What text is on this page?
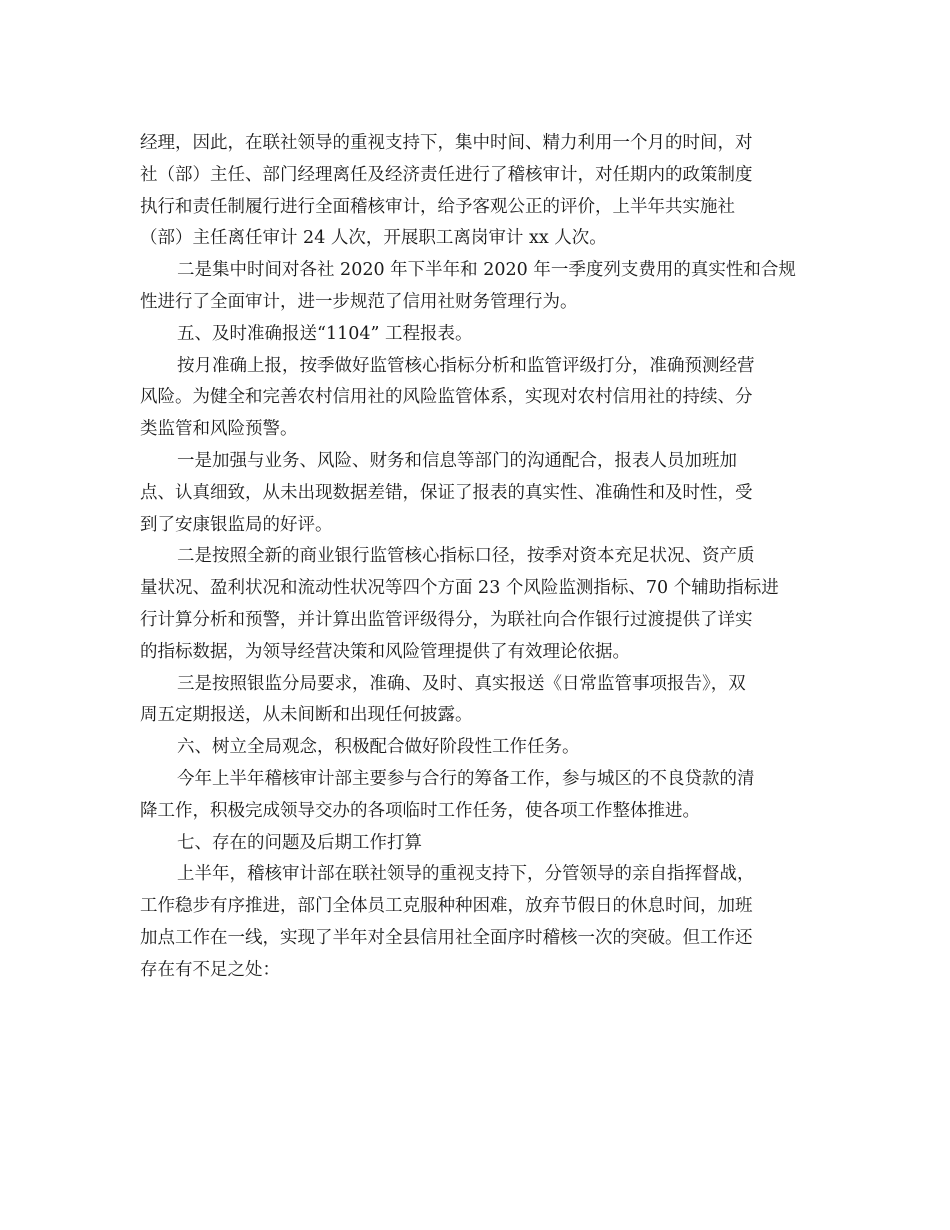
经理，因此，在联社领导的重视支持下，集中时间、精力利用一个月的时间，对
社（部）主任、部门经理离任及经济责任进行了稽核审计，对任期内的政策制度
执行和责任制履行进行全面稽核审计，给予客观公正的评价，上半年共实施社
（部）主任离任审计 24 人次，开展职工离岗审计 xx 人次。
二是集中时间对各社 2020 年下半年和 2020 年一季度列支费用的真实性和合规
性进行了全面审计，进一步规范了信用社财务管理行为。
五、及时准确报送“1104” 工程报表。
按月准确上报，按季做好监管核心指标分析和监管评级打分，准确预测经营
风险。为健全和完善农村信用社的风险监管体系，实现对农村信用社的持续、分
类监管和风险预警。
一是加强与业务、风险、财务和信息等部门的沟通配合，报表人员加班加
点、认真细致，从未出现数据差错，保证了报表的真实性、准确性和及时性，受
到了安康银监局的好评。
二是按照全新的商业银行监管核心指标口径，按季对资本充足状况、资产质
量状况、盈利状况和流动性状况等四个方面 23 个风险监测指标、70 个辅助指标进
行计算分析和预警，并计算出监管评级得分，为联社向合作银行过渡提供了详实
的指标数据，为领导经营决策和风险管理提供了有效理论依据。
三是按照银监分局要求，准确、及时、真实报送《日常监管事项报告》，双
周五定期报送，从未间断和出现任何披露。
六、树立全局观念，积极配合做好阶段性工作任务。
今年上半年稽核审计部主要参与合行的筹备工作，参与城区的不良贷款的清
降工作，积极完成领导交办的各项临时工作任务，使各项工作整体推进。
七、存在的问题及后期工作打算
上半年，稽核审计部在联社领导的重视支持下，分管领导的亲自指挥督战，
工作稳步有序推进，部门全体员工克服种种困难，放弃节假日的休息时间，加班
加点工作在一线，实现了半年对全县信用社全面序时稽核一次的突破。但工作还
存在有不足之处：
